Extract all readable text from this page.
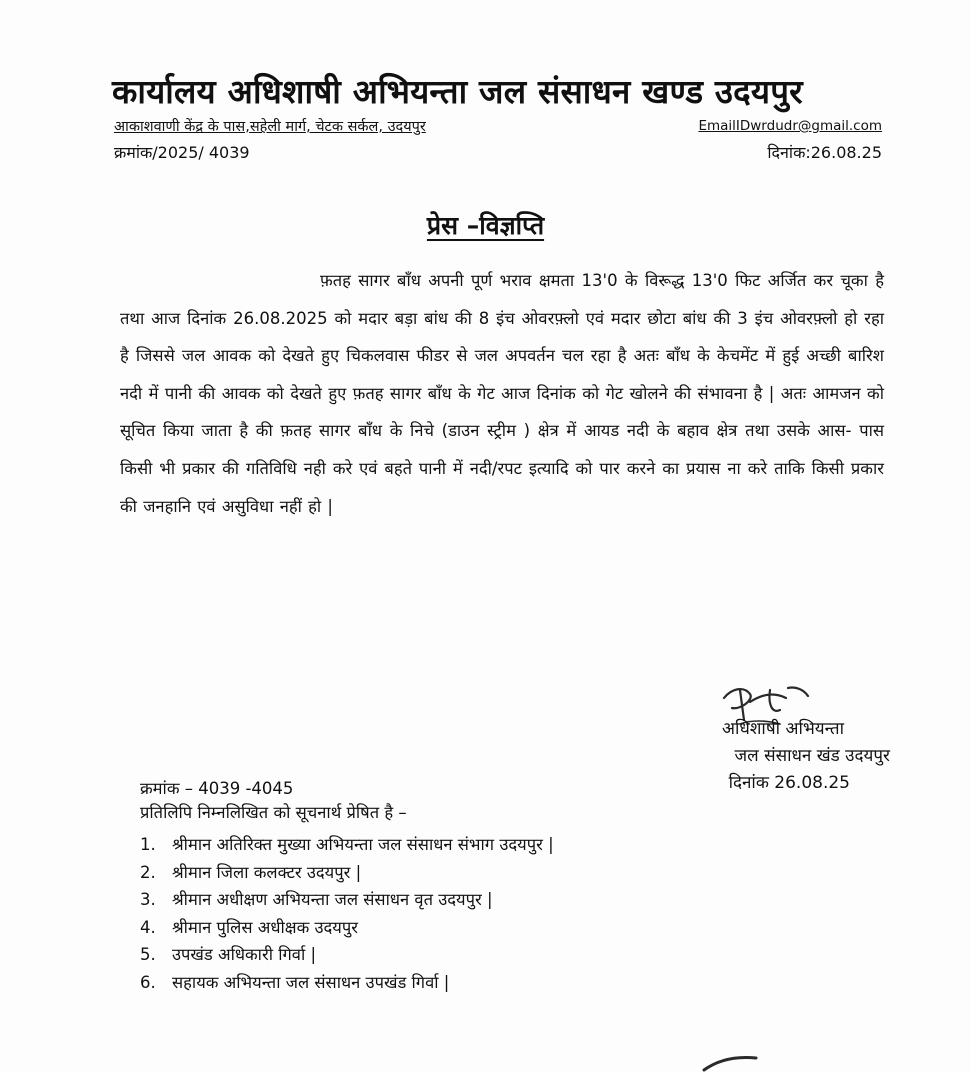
कार्यालय अधिशाषी अभियन्ता जल संसाधन खण्ड उदयपुर
आकाशवाणी केंद्र के पास,सहेली मार्ग, चेटक सर्कल, उदयपुर	EmailIDwrdudr@gmail.com
क्रमांक/2025/ 4039	दिनांक:26.08.25
प्रेस –विज्ञप्ति
फ़तह सागर बाँध अपनी पूर्ण भराव क्षमता 13'0 के विरूद्ध 13'0 फिट अर्जित कर चूका है तथा आज दिनांक 26.08.2025 को मदार बड़ा बांध की 8 इंच ओवरफ़्लो एवं मदार छोटा बांध की 3 इंच ओवरफ़्लो हो रहा है जिससे जल आवक को देखते हुए चिकलवास फीडर से जल अपवर्तन चल रहा है अतः बाँध के केचमेंट में हुई अच्छी बारिश नदी में पानी की आवक को देखते हुए फ़तह सागर बाँध के गेट आज दिनांक को गेट खोलने की संभावना है | अतः आमजन को सूचित किया जाता है की फ़तह सागर बाँध के निचे (डाउन स्ट्रीम ) क्षेत्र में आयड नदी के बहाव क्षेत्र तथा उसके आस- पास किसी भी प्रकार की गतिविधि नही करे एवं बहते पानी में नदी/रपट इत्यादि को पार करने का प्रयास ना करे ताकि किसी प्रकार की जनहानि एवं असुविधा नहीं हो |
अधिशाषी अभियन्ता
जल संसाधन खंड उदयपुर
दिनांक 26.08.25
क्रमांक – 4039 -4045
प्रतिलिपि निम्नलिखित को सूचनार्थ प्रेषित है –
1. श्रीमान अतिरिक्त मुख्या अभियन्ता जल संसाधन संभाग उदयपुर |
2. श्रीमान जिला कलक्टर उदयपुर |
3. श्रीमान अधीक्षण अभियन्ता जल संसाधन वृत उदयपुर |
4. श्रीमान पुलिस अधीक्षक उदयपुर
5. उपखंड अधिकारी गिर्वा |
6. सहायक अभियन्ता जल संसाधन उपखंड गिर्वा |
